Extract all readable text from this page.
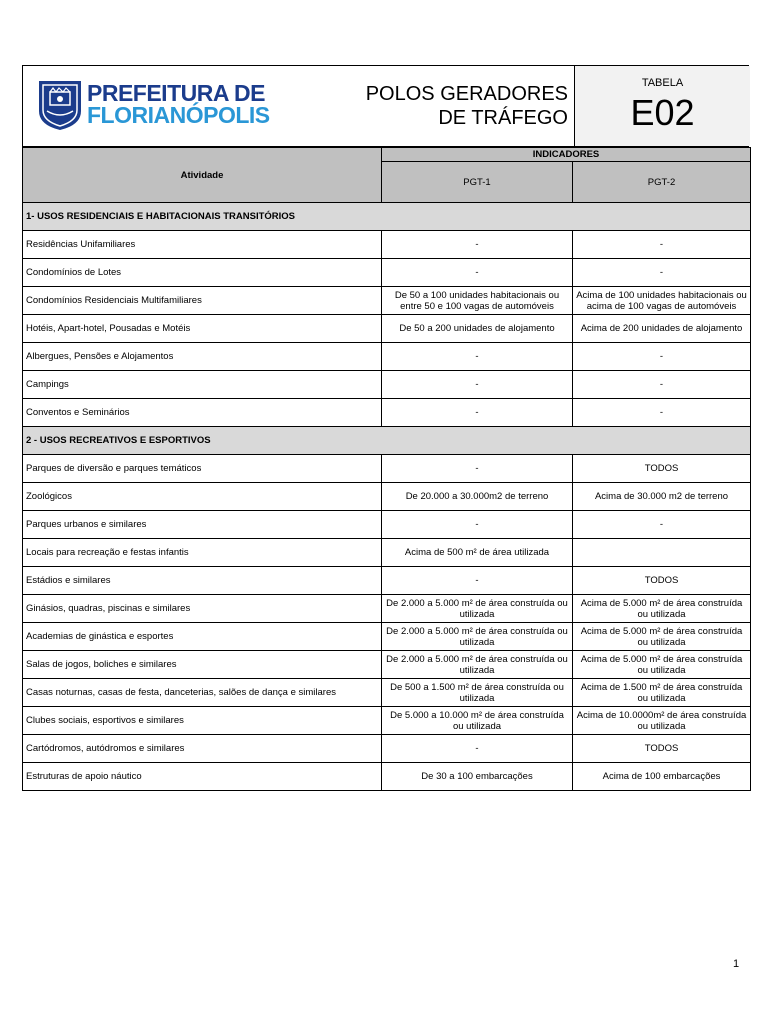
PREFEITURA DE
FLORIANÓPOLIS
POLOS GERADORES
DE TRÁFEGO
TABELA
E02
Atividade	INDICADORES	
	PGT-1	PGT-2
1- USOS RESIDENCIAIS E HABITACIONAIS TRANSITÓRIOS		
Residências Unifamiliares	-	-
Condomínios de Lotes	-	-
Condomínios Residenciais Multifamiliares	De 50 a 100 unidades habitacionais ou entre 50 e 100 vagas de automóveis	Acima de 100 unidades habitacionais ou acima de 100 vagas de automóveis
Hotéis, Apart-hotel, Pousadas e Motéis	De 50 a 200 unidades de alojamento	Acima de 200 unidades de alojamento
Albergues, Pensões e Alojamentos	-	-
Campings	-	-
Conventos e Seminários	-	-
2 - USOS RECREATIVOS E ESPORTIVOS		
Parques de diversão e parques temáticos	-	TODOS
Zoológicos	De 20.000 a 30.000m2 de terreno	Acima de 30.000 m2 de terreno
Parques urbanos e similares	-	-
Locais para recreação e festas infantis	Acima de 500 m² de área utilizada	
Estádios e similares	-	TODOS
Ginásios, quadras, piscinas e similares	De 2.000 a 5.000 m² de área construída ou utilizada	Acima de 5.000 m² de área construída ou utilizada
Academias de ginástica e esportes	De 2.000 a 5.000 m² de área construída ou utilizada	Acima de 5.000 m² de área construída ou utilizada
Salas de jogos, boliches e similares	De 2.000 a 5.000 m² de área construída ou utilizada	Acima de 5.000 m² de área construída ou utilizada
Casas noturnas, casas de festa, danceterias, salões de dança e similares	De 500 a 1.500 m² de área construída ou utilizada	Acima de 1.500 m² de área construída ou utilizada
Clubes sociais, esportivos e similares	De 5.000 a 10.000 m² de área construída ou utilizada	Acima de 10.0000m² de área construída ou utilizada
Cartódromos, autódromos e similares	-	TODOS
Estruturas de apoio náutico	De 30 a 100 embarcações	Acima de 100 embarcações
1
